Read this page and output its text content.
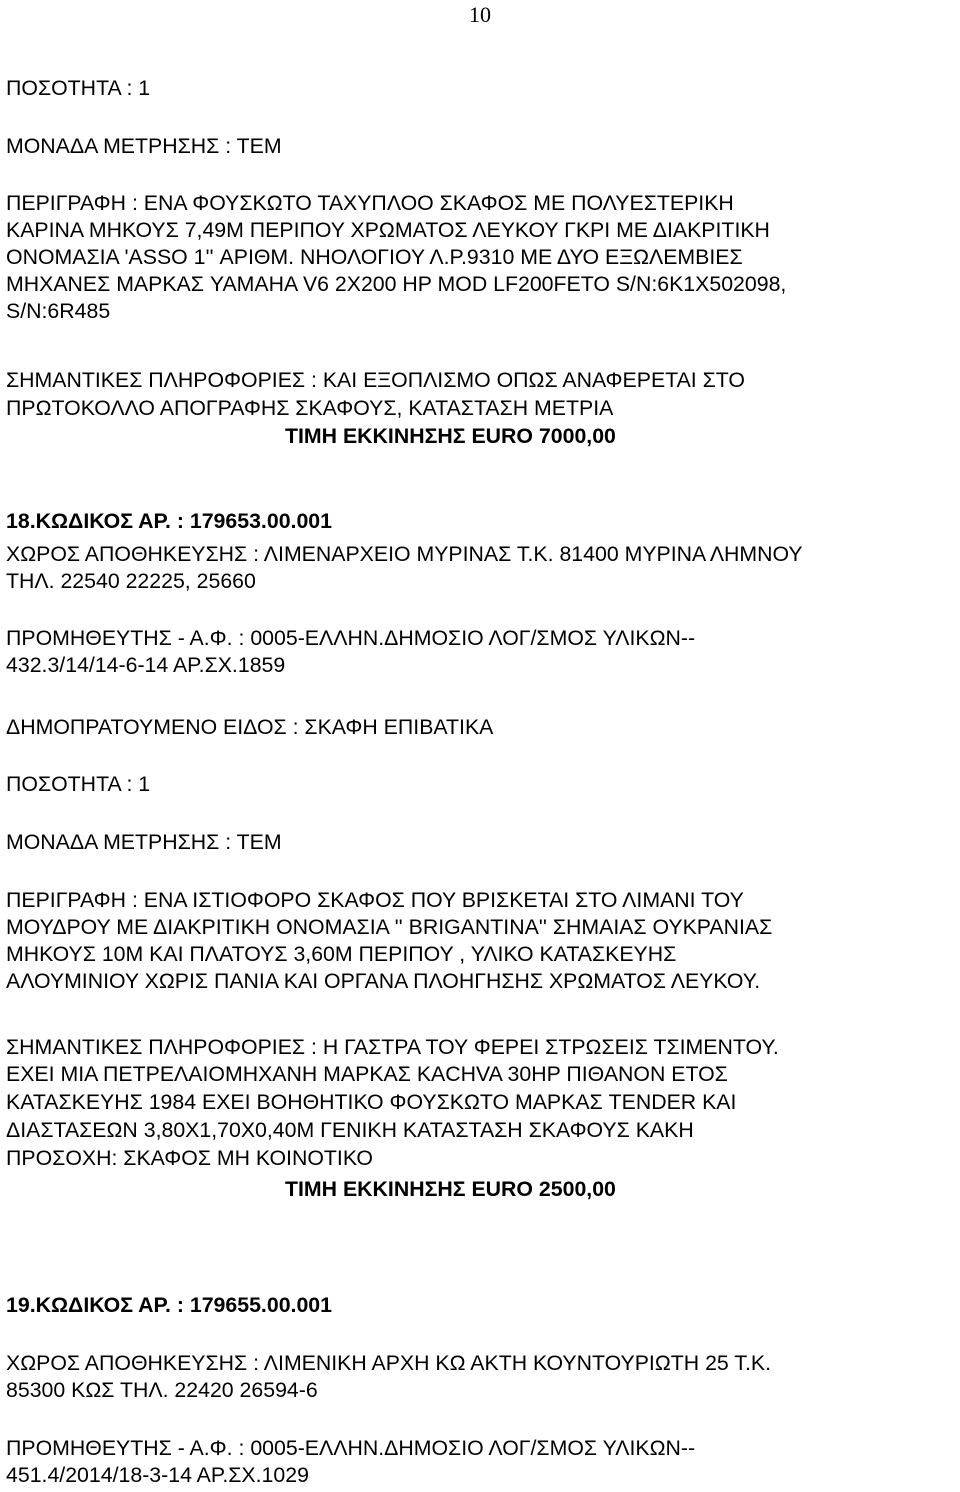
10
ΠΟΣΟΤΗΤΑ : 1
ΜΟΝΑΔΑ ΜΕΤΡΗΣΗΣ : ΤΕΜ
ΠΕΡΙΓΡΑΦΗ : ΕΝΑ ΦΟΥΣΚΩΤΟ ΤΑΧΥΠΛΟΟ ΣΚΑΦΟΣ ΜΕ ΠΟΛΥΕΣΤΕΡΙΚΗ
ΚΑΡΙΝΑ ΜΗΚΟΥΣ 7,49Μ ΠΕΡΙΠΟΥ ΧΡΩΜΑΤΟΣ ΛΕΥΚΟΥ ΓΚΡΙ ΜΕ ΔΙΑΚΡΙΤΙΚΗ
ΟΝΟΜΑΣΙΑ 'ASSO 1'' ΑΡΙΘΜ. ΝΗΟΛΟΓΙΟΥ Λ.Ρ.9310 ΜΕ ΔΥΟ ΕΞΩΛΕΜΒΙΕΣ
ΜΗΧΑΝΕΣ ΜΑΡΚΑΣ YAMAHA V6 2X200 HP MOD LF200FETO S/N:6K1X502098,
S/N:6R485
ΣΗΜΑΝΤΙΚΕΣ ΠΛΗΡΟΦΟΡΙΕΣ : ΚΑΙ ΕΞΟΠΛΙΣΜΟ ΟΠΩΣ ΑΝΑΦΕΡΕΤΑΙ ΣΤΟ
ΠΡΩΤΟΚΟΛΛΟ ΑΠΟΓΡΑΦΗΣ ΣΚΑΦΟΥΣ, ΚΑΤΑΣΤΑΣΗ ΜΕΤΡΙΑ
ΤΙΜΗ ΕΚΚΙΝΗΣΗΣ EURO 7000,00
18.ΚΩΔΙΚΟΣ ΑΡ. : 179653.00.001
ΧΩΡΟΣ ΑΠΟΘΗΚΕΥΣΗΣ : ΛΙΜΕΝΑΡΧΕΙΟ ΜΥΡΙΝΑΣ Τ.Κ. 81400 ΜΥΡΙΝΑ ΛΗΜΝΟΥ
ΤΗΛ. 22540 22225, 25660
ΠΡΟΜΗΘΕΥΤΗΣ - Α.Φ. : 0005-ΕΛΛΗΝ.ΔΗΜΟΣΙΟ ΛΟΓ/ΣΜΟΣ ΥΛΙΚΩΝ--
432.3/14/14-6-14 ΑΡ.ΣΧ.1859
ΔΗΜΟΠΡΑΤΟΥΜΕΝΟ ΕΙΔΟΣ : ΣΚΑΦΗ ΕΠΙΒΑΤΙΚΑ
ΠΟΣΟΤΗΤΑ : 1
ΜΟΝΑΔΑ ΜΕΤΡΗΣΗΣ : ΤΕΜ
ΠΕΡΙΓΡΑΦΗ : ΕΝΑ ΙΣΤΙΟΦΟΡΟ ΣΚΑΦΟΣ ΠΟΥ ΒΡΙΣΚΕΤΑΙ ΣΤΟ ΛΙΜΑΝΙ ΤΟΥ
ΜΟΥΔΡΟΥ ΜΕ ΔΙΑΚΡΙΤΙΚΗ ΟΝΟΜΑΣΙΑ '' BRIGANTINA'' ΣΗΜΑΙΑΣ ΟΥΚΡΑΝΙΑΣ
ΜΗΚΟΥΣ 10Μ ΚΑΙ ΠΛΑΤΟΥΣ 3,60Μ ΠΕΡΙΠΟΥ , ΥΛΙΚΟ ΚΑΤΑΣΚΕΥΗΣ
ΑΛΟΥΜΙΝΙΟΥ ΧΩΡΙΣ ΠΑΝΙΑ ΚΑΙ ΟΡΓΑΝΑ ΠΛΟΗΓΗΣΗΣ ΧΡΩΜΑΤΟΣ ΛΕΥΚΟΥ.
ΣΗΜΑΝΤΙΚΕΣ ΠΛΗΡΟΦΟΡΙΕΣ : Η ΓΑΣΤΡΑ ΤΟΥ ΦΕΡΕΙ ΣΤΡΩΣΕΙΣ ΤΣΙΜΕΝΤΟΥ.
ΕΧΕΙ ΜΙΑ ΠΕΤΡΕΛΑΙΟΜΗΧΑΝΗ ΜΑΡΚΑΣ KACHVA 30HP ΠΙΘΑΝΟΝ ΕΤΟΣ
ΚΑΤΑΣΚΕΥΗΣ 1984 ΕΧΕΙ ΒΟΗΘΗΤΙΚΟ ΦΟΥΣΚΩΤΟ ΜΑΡΚΑΣ TENDER ΚΑΙ
ΔΙΑΣΤΑΣΕΩΝ 3,80Χ1,70Χ0,40Μ ΓΕΝΙΚΗ ΚΑΤΑΣΤΑΣΗ ΣΚΑΦΟΥΣ ΚΑΚΗ
ΠΡΟΣΟΧΗ: ΣΚΑΦΟΣ ΜΗ ΚΟΙΝΟΤΙΚΟ
ΤΙΜΗ ΕΚΚΙΝΗΣΗΣ EURO 2500,00
19.ΚΩΔΙΚΟΣ ΑΡ. : 179655.00.001
ΧΩΡΟΣ ΑΠΟΘΗΚΕΥΣΗΣ : ΛΙΜΕΝΙΚΗ ΑΡΧΗ ΚΩ ΑΚΤΗ ΚΟΥΝΤΟΥΡΙΩΤΗ 25 Τ.Κ.
85300 ΚΩΣ ΤΗΛ. 22420 26594-6
ΠΡΟΜΗΘΕΥΤΗΣ - Α.Φ. : 0005-ΕΛΛΗΝ.ΔΗΜΟΣΙΟ ΛΟΓ/ΣΜΟΣ ΥΛΙΚΩΝ--
451.4/2014/18-3-14 ΑΡ.ΣΧ.1029
